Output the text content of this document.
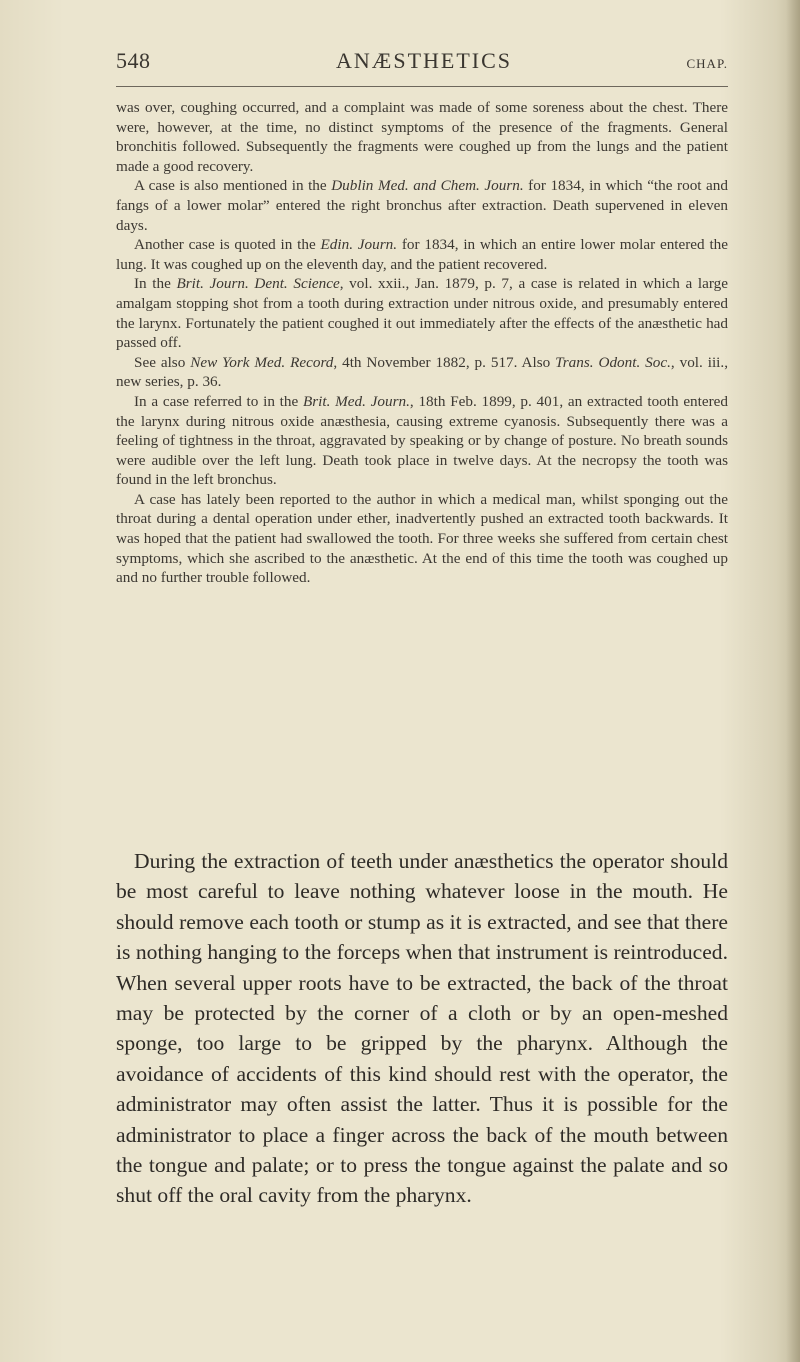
548	ANÆSTHETICS	CHAP.

was over, coughing occurred, and a complaint was made of some soreness about the chest. There were, however, at the time, no distinct symptoms of the presence of the fragments. General bronchitis followed. Subsequently the fragments were coughed up from the lungs and the patient made a good recovery.

A case is also mentioned in the Dublin Med. and Chem. Journ. for 1834, in which “the root and fangs of a lower molar” entered the right bronchus after extraction. Death supervened in eleven days.

Another case is quoted in the Edin. Journ. for 1834, in which an entire lower molar entered the lung. It was coughed up on the eleventh day, and the patient recovered.

In the Brit. Journ. Dent. Science, vol. xxii., Jan. 1879, p. 7, a case is related in which a large amalgam stopping shot from a tooth during extraction under nitrous oxide, and presumably entered the larynx. Fortunately the patient coughed it out immediately after the effects of the anæsthetic had passed off.

See also New York Med. Record, 4th November 1882, p. 517. Also Trans. Odont. Soc., vol. iii., new series, p. 36.

In a case referred to in the Brit. Med. Journ., 18th Feb. 1899, p. 401, an extracted tooth entered the larynx during nitrous oxide anæsthesia, causing extreme cyanosis. Subsequently there was a feeling of tightness in the throat, aggravated by speaking or by change of posture. No breath sounds were audible over the left lung. Death took place in twelve days. At the necropsy the tooth was found in the left bronchus.

A case has lately been reported to the author in which a medical man, whilst sponging out the throat during a dental operation under ether, inadvertently pushed an extracted tooth backwards. It was hoped that the patient had swallowed the tooth. For three weeks she suffered from certain chest symptoms, which she ascribed to the anæsthetic. At the end of this time the tooth was coughed up and no further trouble followed.

During the extraction of teeth under anæsthetics the operator should be most careful to leave nothing whatever loose in the mouth. He should remove each tooth or stump as it is extracted, and see that there is nothing hanging to the forceps when that instrument is reintroduced. When several upper roots have to be extracted, the back of the throat may be protected by the corner of a cloth or by an open-meshed sponge, too large to be gripped by the pharynx. Although the avoidance of accidents of this kind should rest with the operator, the administrator may often assist the latter. Thus it is possible for the administrator to place a finger across the back of the mouth between the tongue and palate; or to press the tongue against the palate and so shut off the oral cavity from the pharynx.
